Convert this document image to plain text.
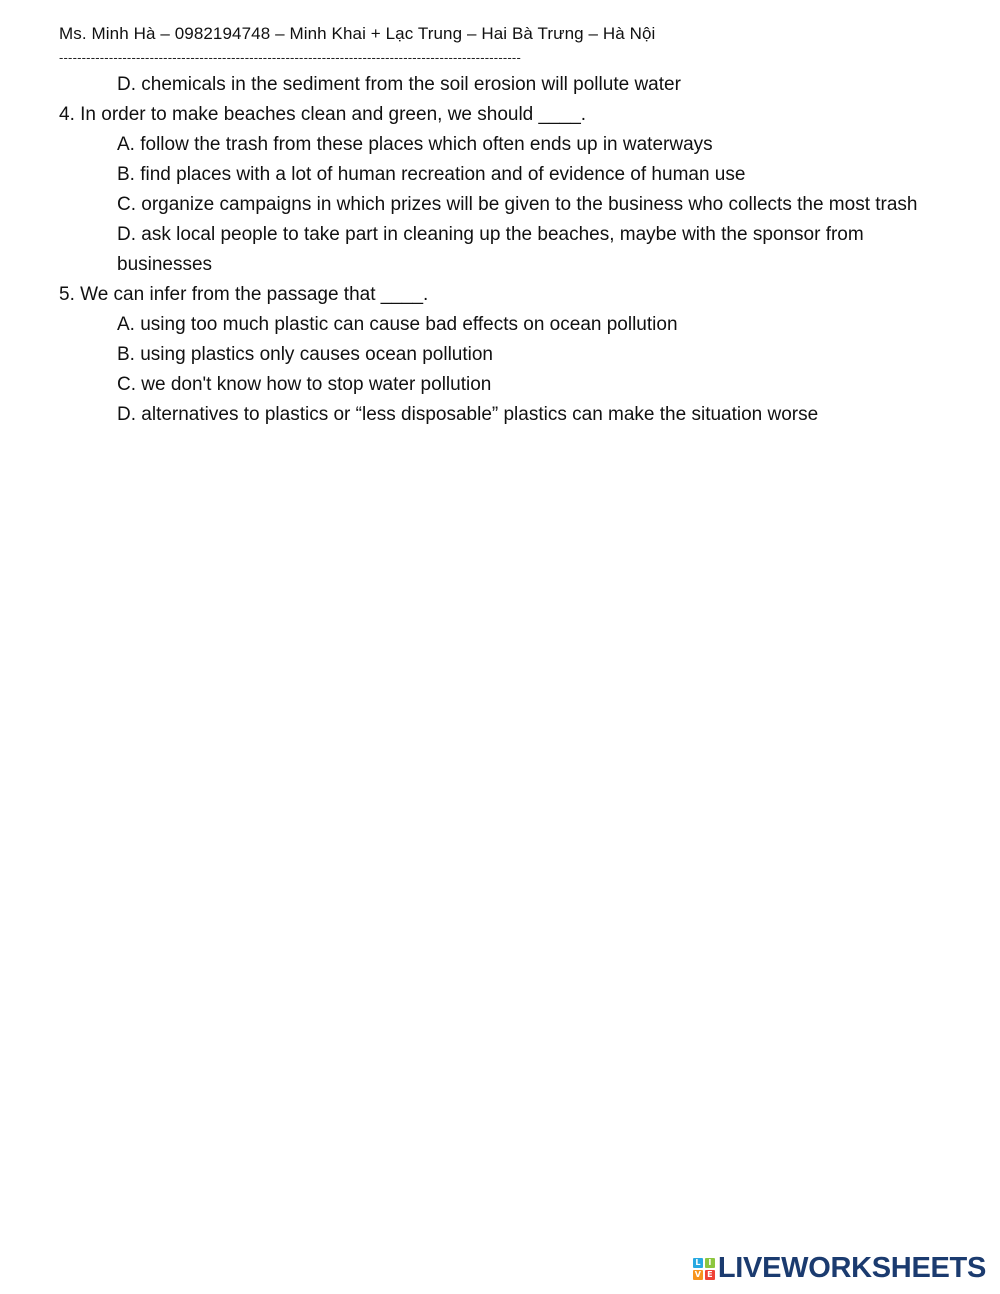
Ms. Minh Hà – 0982194748 – Minh Khai + Lạc Trung – Hai Bà Trưng – Hà Nội
------------------------------------------------------------------------------------------------------

D. chemicals in the sediment from the soil erosion will pollute water

4. In order to make beaches clean and green, we should ____.

A. follow the trash from these places which often ends up in waterways

B. find places with a lot of human recreation and of evidence of human use

C. organize campaigns in which prizes will be given to the business who collects the most trash

D. ask local people to take part in cleaning up the beaches, maybe with the sponsor from businesses

5. We can infer from the passage that ____.

A. using too much plastic can cause bad effects on ocean pollution

B. using plastics only causes ocean pollution

C. we don't know how to stop water pollution

D. alternatives to plastics or “less disposable” plastics can make the situation worse

L I
V E LIVEWORKSHEETS
